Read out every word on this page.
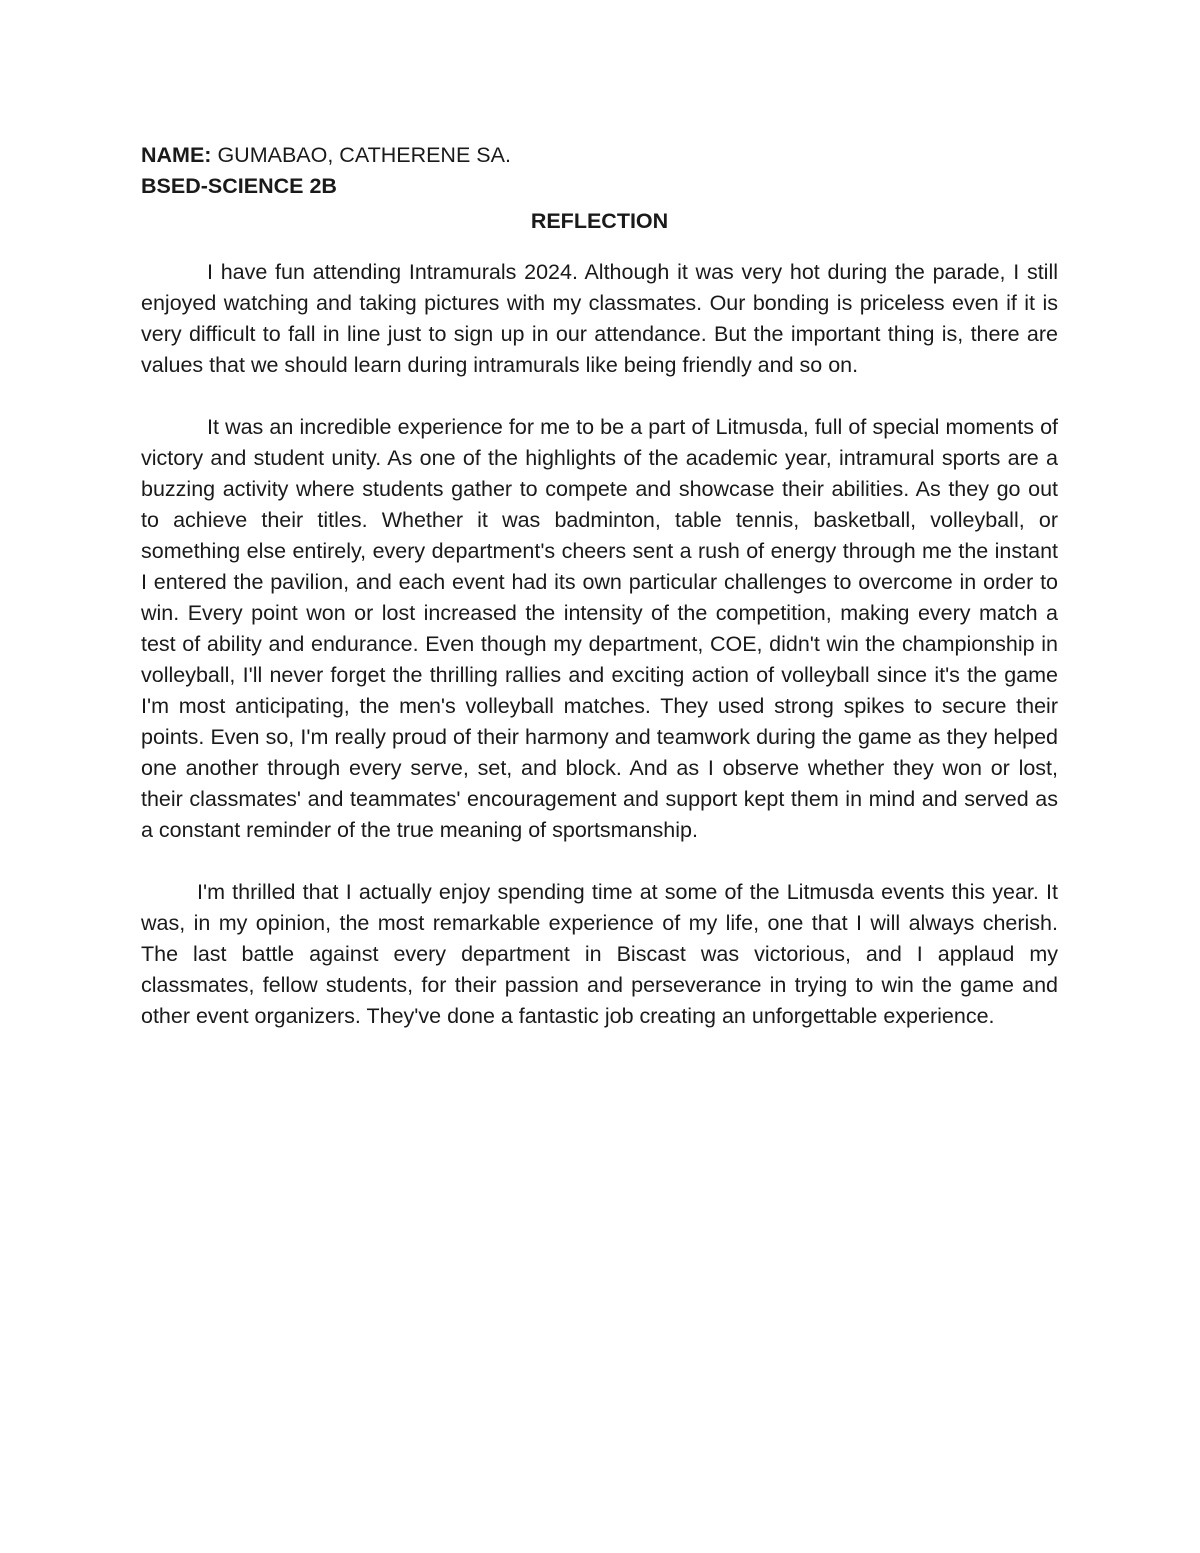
NAME: GUMABAO, CATHERENE SA.

BSED-SCIENCE 2B

REFLECTION

I have fun attending Intramurals 2024. Although it was very hot during the parade, I still enjoyed watching and taking pictures with my classmates. Our bonding is priceless even if it is very difficult to fall in line just to sign up in our attendance. But the important thing is, there are values that we should learn during intramurals like being friendly and so on.

It was an incredible experience for me to be a part of Litmusda, full of special moments of victory and student unity. As one of the highlights of the academic year, intramural sports are a buzzing activity where students gather to compete and showcase their abilities. As they go out to achieve their titles. Whether it was badminton, table tennis, basketball, volleyball, or something else entirely, every department's cheers sent a rush of energy through me the instant I entered the pavilion, and each event had its own particular challenges to overcome in order to win. Every point won or lost increased the intensity of the competition, making every match a test of ability and endurance. Even though my department, COE, didn't win the championship in volleyball, I'll never forget the thrilling rallies and exciting action of volleyball since it's the game I'm most anticipating, the men's volleyball matches. They used strong spikes to secure their points. Even so, I'm really proud of their harmony and teamwork during the game as they helped one another through every serve, set, and block. And as I observe whether they won or lost, their classmates' and teammates' encouragement and support kept them in mind and served as a constant reminder of the true meaning of sportsmanship.

I'm thrilled that I actually enjoy spending time at some of the Litmusda events this year. It was, in my opinion, the most remarkable experience of my life, one that I will always cherish. The last battle against every department in Biscast was victorious, and I applaud my classmates, fellow students, for their passion and perseverance in trying to win the game and other event organizers. They've done a fantastic job creating an unforgettable experience.
